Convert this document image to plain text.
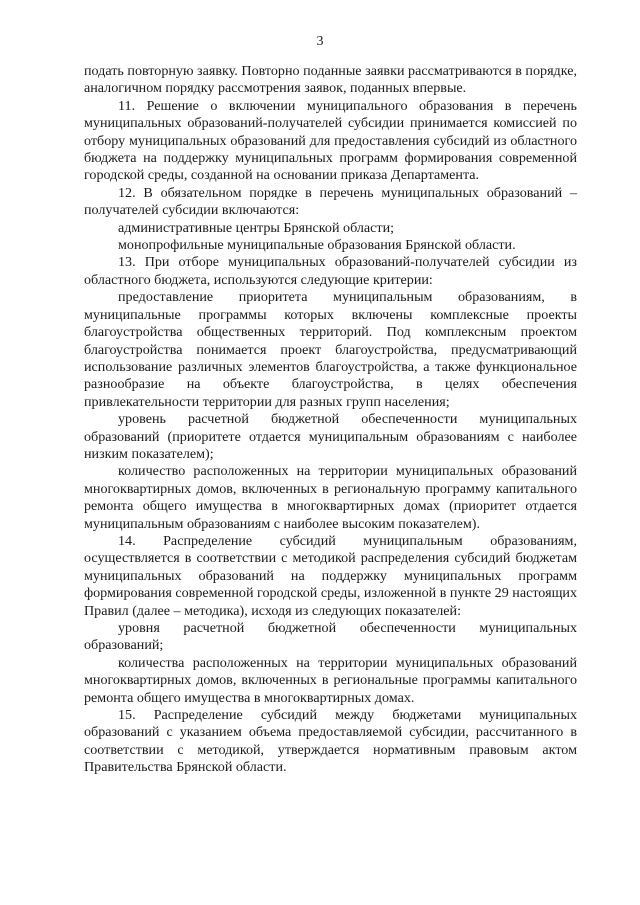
3

подать повторную заявку. Повторно поданные заявки рассматриваются в порядке, аналогичном порядку рассмотрения заявок, поданных впервые.

11. Решение о включении муниципального образования в перечень муниципальных образований-получателей субсидии принимается комиссией по отбору муниципальных образований для предоставления субсидий из областного бюджета на поддержку муниципальных программ формирования современной городской среды, созданной на основании приказа Департамента.

12. В обязательном порядке в перечень муниципальных образований – получателей субсидии включаются:

административные центры Брянской области;

монопрофильные муниципальные образования Брянской области.

13. При отборе муниципальных образований-получателей субсидии из областного бюджета, используются следующие критерии:

предоставление приоритета муниципальным образованиям, в муниципальные программы которых включены комплексные проекты благоустройства общественных территорий. Под комплексным проектом благоустройства понимается проект благоустройства, предусматривающий использование различных элементов благоустройства, а также функциональное разнообразие на объекте благоустройства, в целях обеспечения привлекательности территории для разных групп населения;

уровень расчетной бюджетной обеспеченности муниципальных образований (приоритете отдается муниципальным образованиям с наиболее низким показателем);

количество расположенных на территории муниципальных образований многоквартирных домов, включенных в региональную программу капитального ремонта общего имущества в многоквартирных домах (приоритет отдается муниципальным образованиям с наиболее высоким показателем).

14. Распределение субсидий муниципальным образованиям, осуществляется в соответствии с методикой распределения субсидий бюджетам муниципальных образований на поддержку муниципальных программ формирования современной городской среды, изложенной в пункте 29 настоящих Правил (далее – методика), исходя из следующих показателей:

уровня расчетной бюджетной обеспеченности муниципальных образований;

количества расположенных на территории муниципальных образований многоквартирных домов, включенных в региональные программы капитального ремонта общего имущества в многоквартирных домах.

15. Распределение субсидий между бюджетами муниципальных образований с указанием объема предоставляемой субсидии, рассчитанного в соответствии с методикой, утверждается нормативным правовым актом Правительства Брянской области.
